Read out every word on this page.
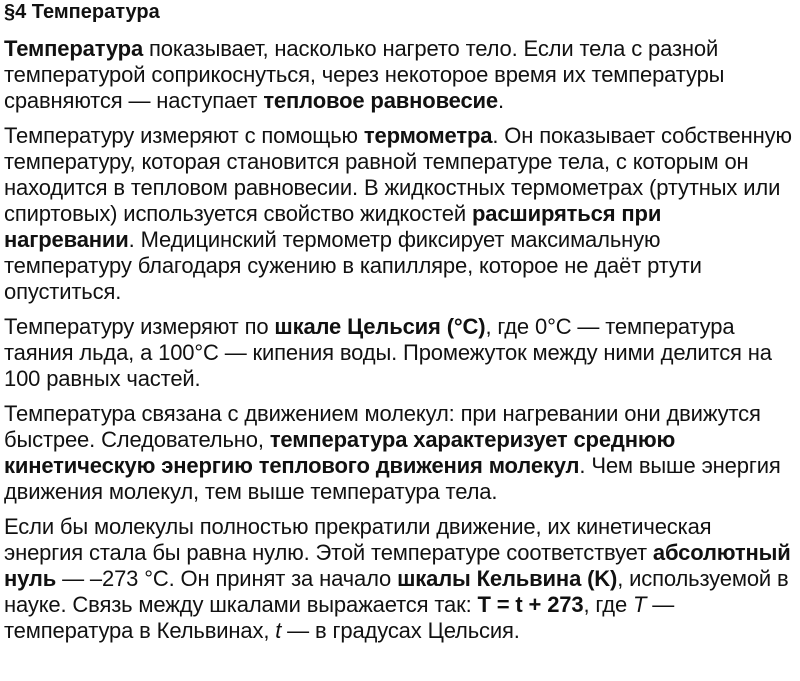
§4 Температура

Температура показывает, насколько нагрето тело. Если тела с разной температурой соприкоснуться, через некоторое время их температуры сравняются — наступает тепловое равновесие.

Температуру измеряют с помощью термометра. Он показывает собственную температуру, которая становится равной температуре тела, с которым он находится в тепловом равновесии. В жидкостных термометрах (ртутных или спиртовых) используется свойство жидкостей расширяться при нагревании. Медицинский термометр фиксирует максимальную температуру благодаря сужению в капилляре, которое не даёт ртути опуститься.

Температуру измеряют по шкале Цельсия (°C), где 0°C — температура таяния льда, а 100°C — кипения воды. Промежуток между ними делится на 100 равных частей.

Температура связана с движением молекул: при нагревании они движутся быстрее. Следовательно, температура характеризует среднюю кинетическую энергию теплового движения молекул. Чем выше энергия движения молекул, тем выше температура тела.

Если бы молекулы полностью прекратили движение, их кинетическая энергия стала бы равна нулю. Этой температуре соответствует абсолютный нуль — –273 °C. Он принят за начало шкалы Кельвина (K), используемой в науке. Связь между шкалами выражается так: T = t + 273, где T — температура в Кельвинах, t — в градусах Цельсия.
